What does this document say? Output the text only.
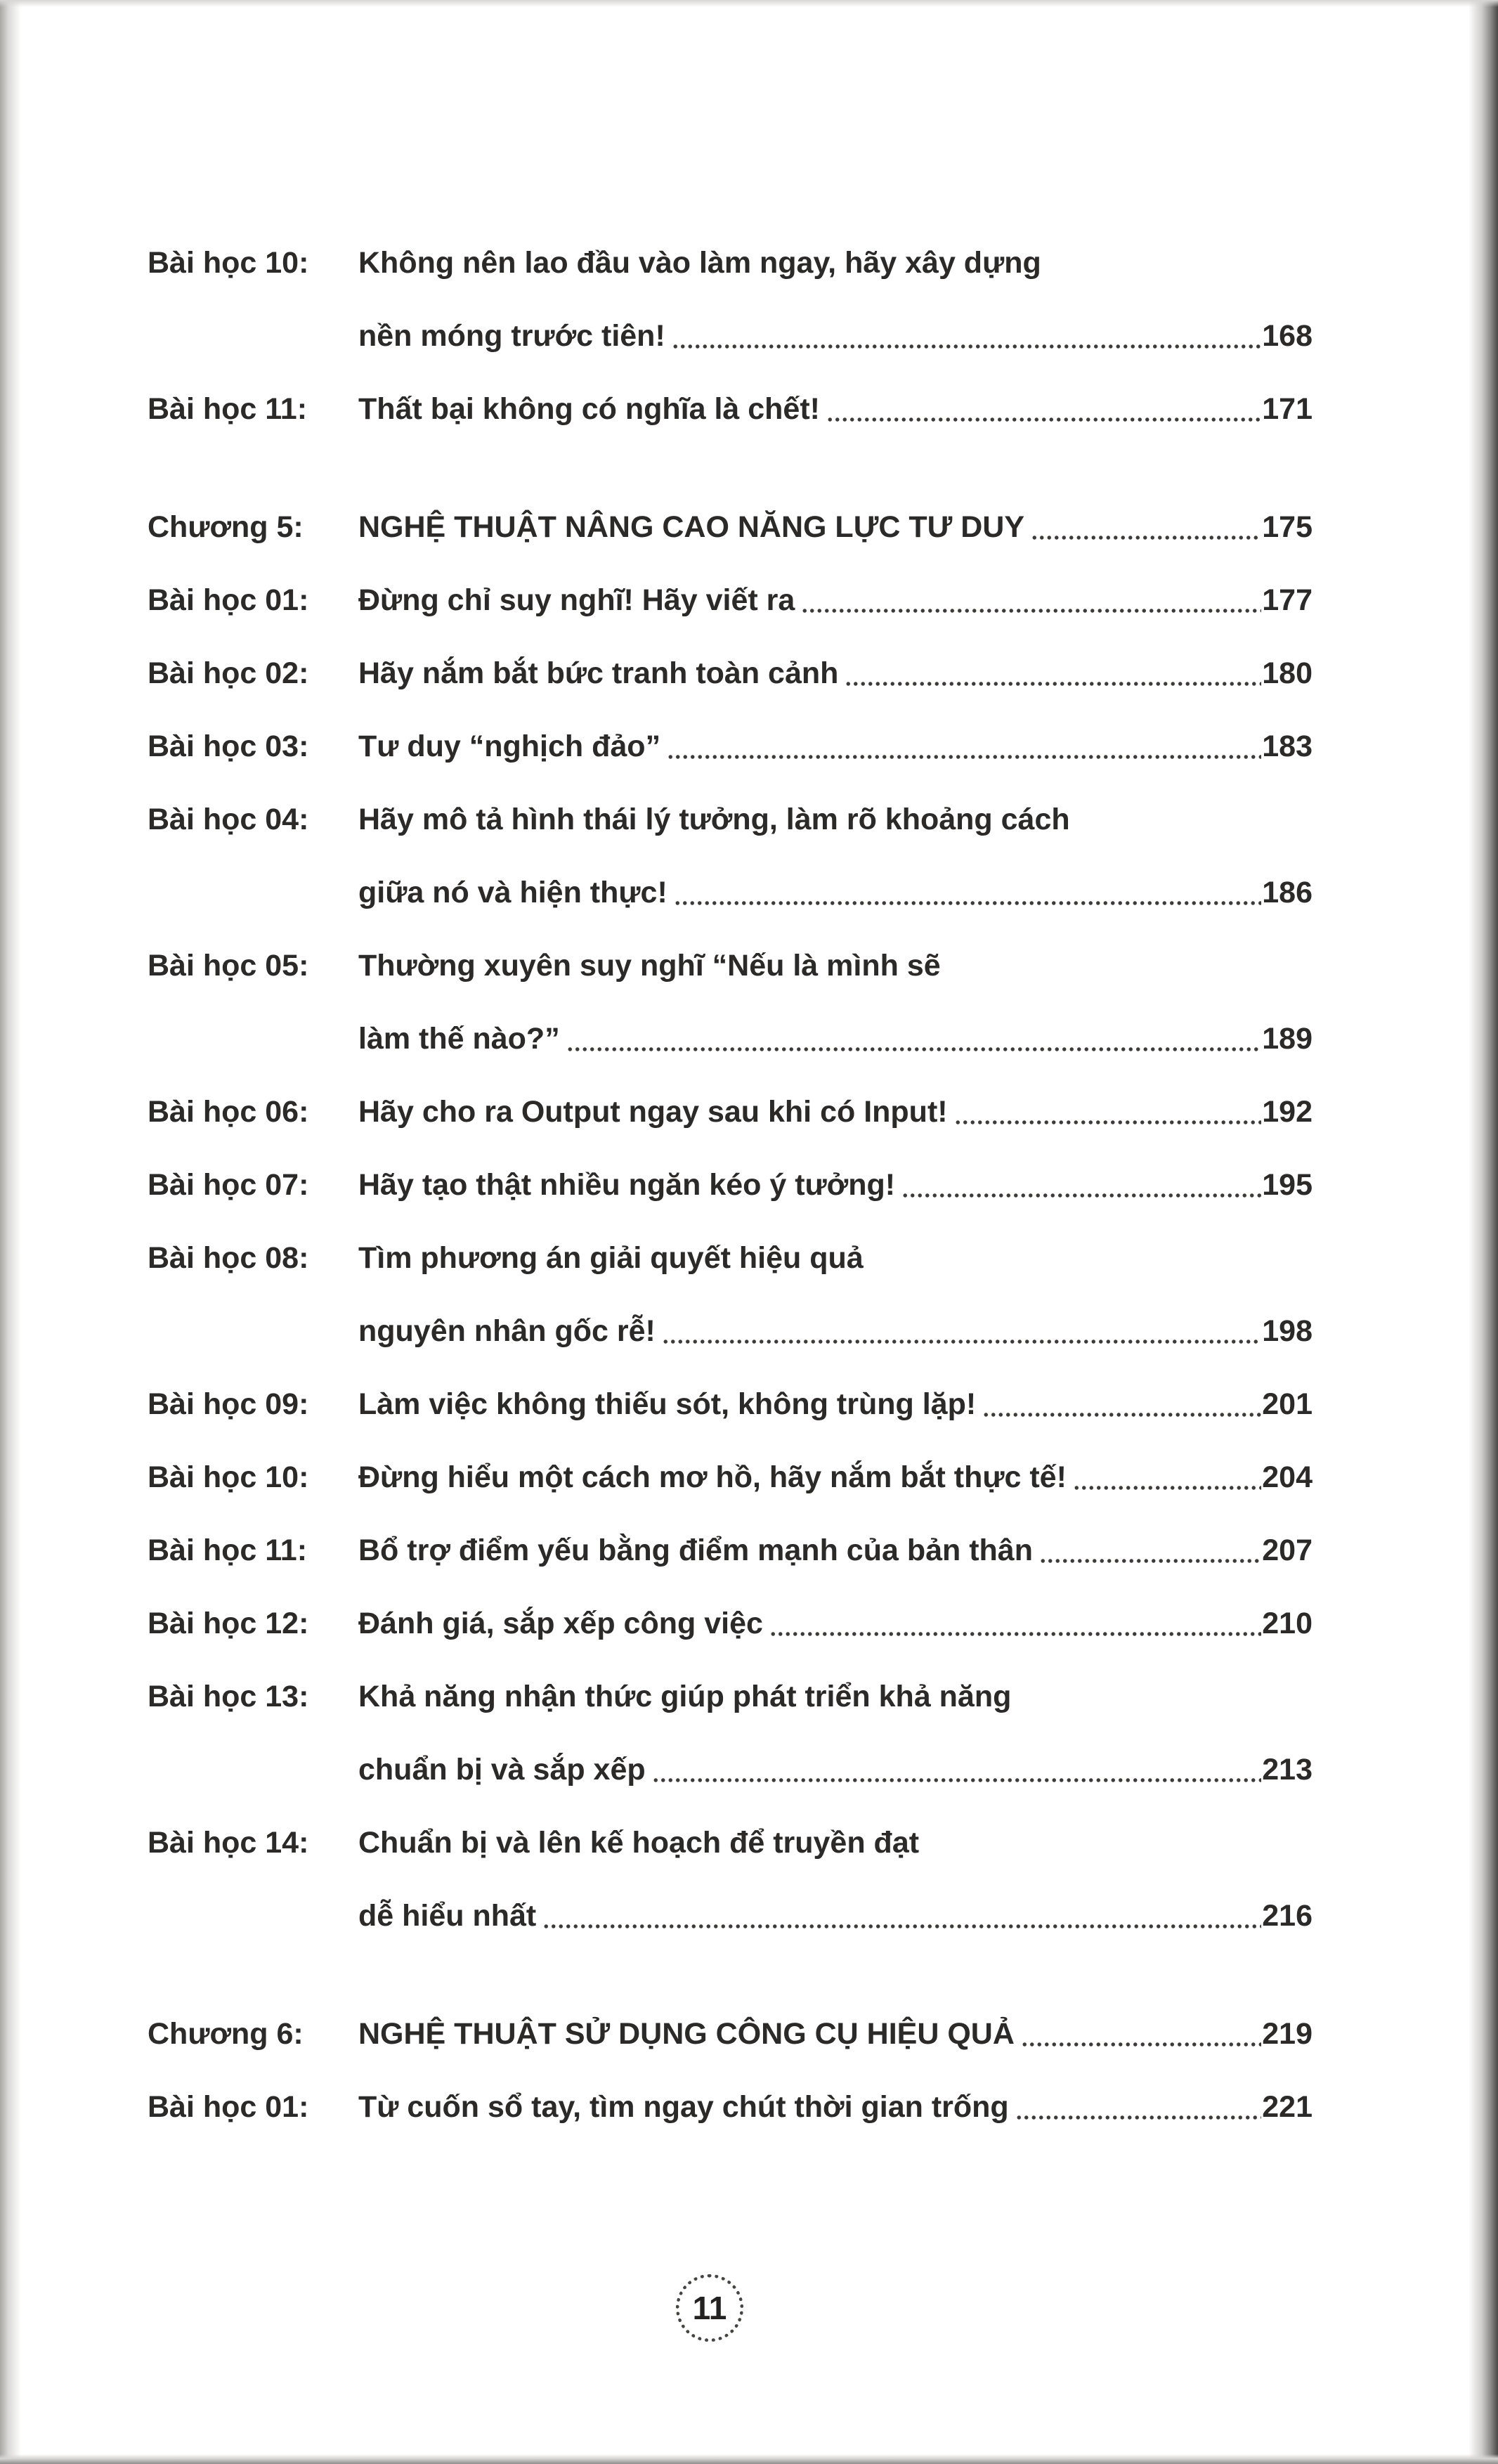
Bài học 10:	Không nên lao đầu vào làm ngay, hãy xây dựng
nền móng trước tiên!	168
Bài học 11:	Thất bại không có nghĩa là chết!	171
Chương 5:	NGHỆ THUẬT NÂNG CAO NĂNG LỰC TƯ DUY	175
Bài học 01:	Đừng chỉ suy nghĩ! Hãy viết ra	177
Bài học 02:	Hãy nắm bắt bức tranh toàn cảnh	180
Bài học 03:	Tư duy “nghịch đảo”	183
Bài học 04:	Hãy mô tả hình thái lý tưởng, làm rõ khoảng cách
giữa nó và hiện thực!	186
Bài học 05:	Thường xuyên suy nghĩ “Nếu là mình sẽ
làm thế nào?”	189
Bài học 06:	Hãy cho ra Output ngay sau khi có Input!	192
Bài học 07:	Hãy tạo thật nhiều ngăn kéo ý tưởng!	195
Bài học 08:	Tìm phương án giải quyết hiệu quả
nguyên nhân gốc rễ!	198
Bài học 09:	Làm việc không thiếu sót, không trùng lặp!	201
Bài học 10:	Đừng hiểu một cách mơ hồ, hãy nắm bắt thực tế!	204
Bài học 11:	Bổ trợ điểm yếu bằng điểm mạnh của bản thân	207
Bài học 12:	Đánh giá, sắp xếp công việc	210
Bài học 13:	Khả năng nhận thức giúp phát triển khả năng
chuẩn bị và sắp xếp	213
Bài học 14:	Chuẩn bị và lên kế hoạch để truyền đạt
dễ hiểu nhất	216
Chương 6:	NGHỆ THUẬT SỬ DỤNG CÔNG CỤ HIỆU QUẢ	219
Bài học 01:	Từ cuốn sổ tay, tìm ngay chút thời gian trống	221
11
